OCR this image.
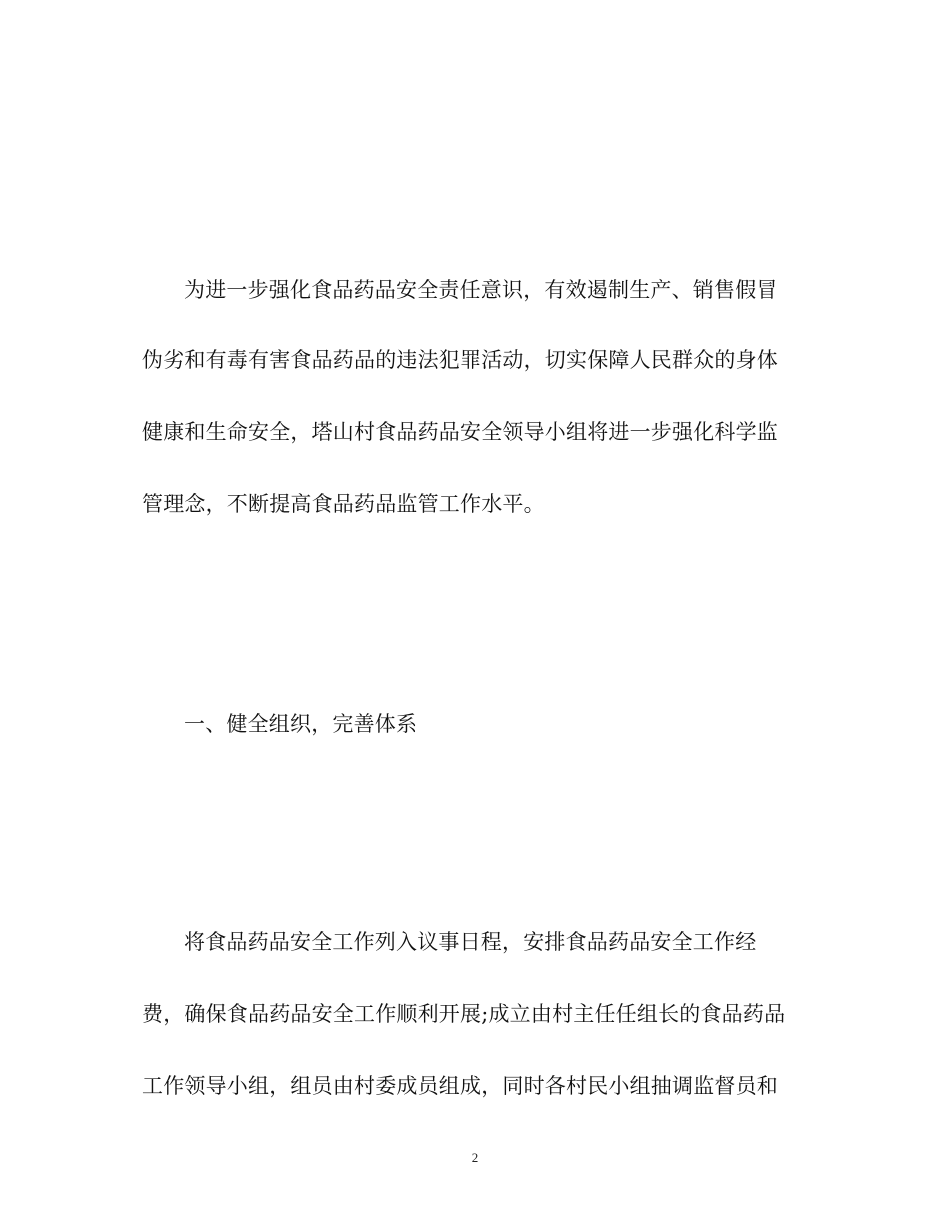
为进一步强化食品药品安全责任意识，有效遏制生产、销售假冒
伪劣和有毒有害食品药品的违法犯罪活动，切实保障人民群众的身体
健康和生命安全，塔山村食品药品安全领导小组将进一步强化科学监
管理念，不断提高食品药品监管工作水平。
一、健全组织，完善体系
将食品药品安全工作列入议事日程，安排食品药品安全工作经
费，确保食品药品安全工作顺利开展;成立由村主任任组长的食品药品
工作领导小组，组员由村委成员组成，同时各村民小组抽调监督员和
2
